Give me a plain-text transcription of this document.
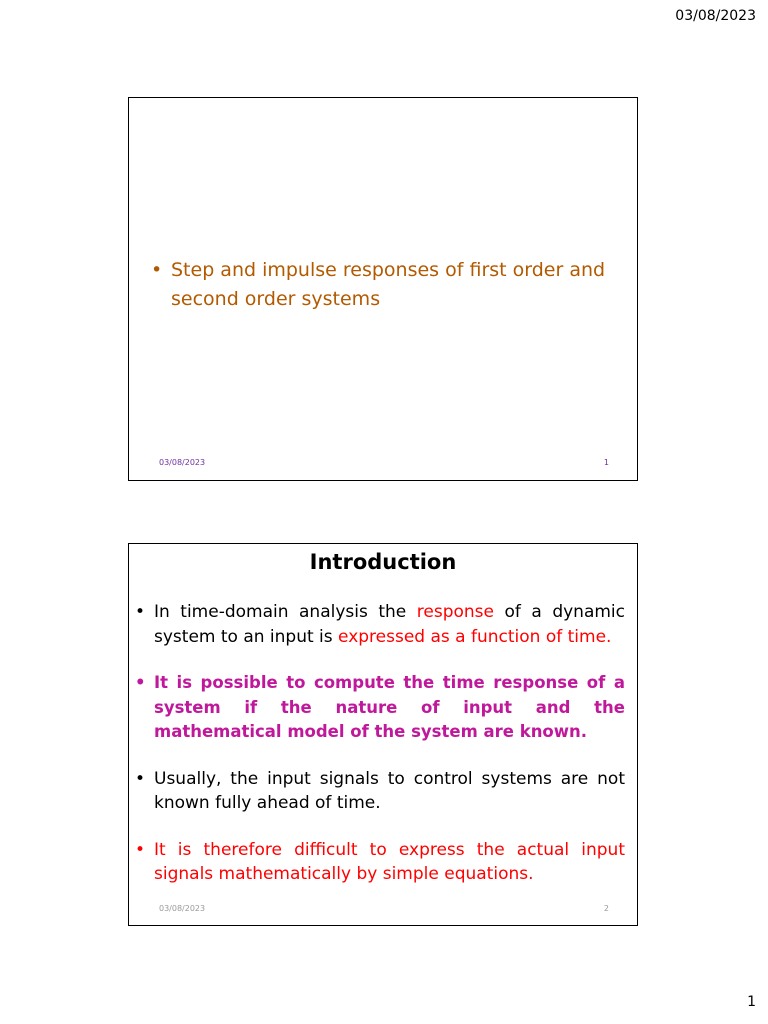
03/08/2023
• Step and impulse responses of first order and second order systems
03/08/2023	1
Introduction
• In time-domain analysis the response of a dynamic system to an input is expressed as a function of time.
• It is possible to compute the time response of a system if the nature of input and the mathematical model of the system are known.
• Usually, the input signals to control systems are not known fully ahead of time.
• It is therefore difficult to express the actual input signals mathematically by simple equations.
03/08/2023	2
1
